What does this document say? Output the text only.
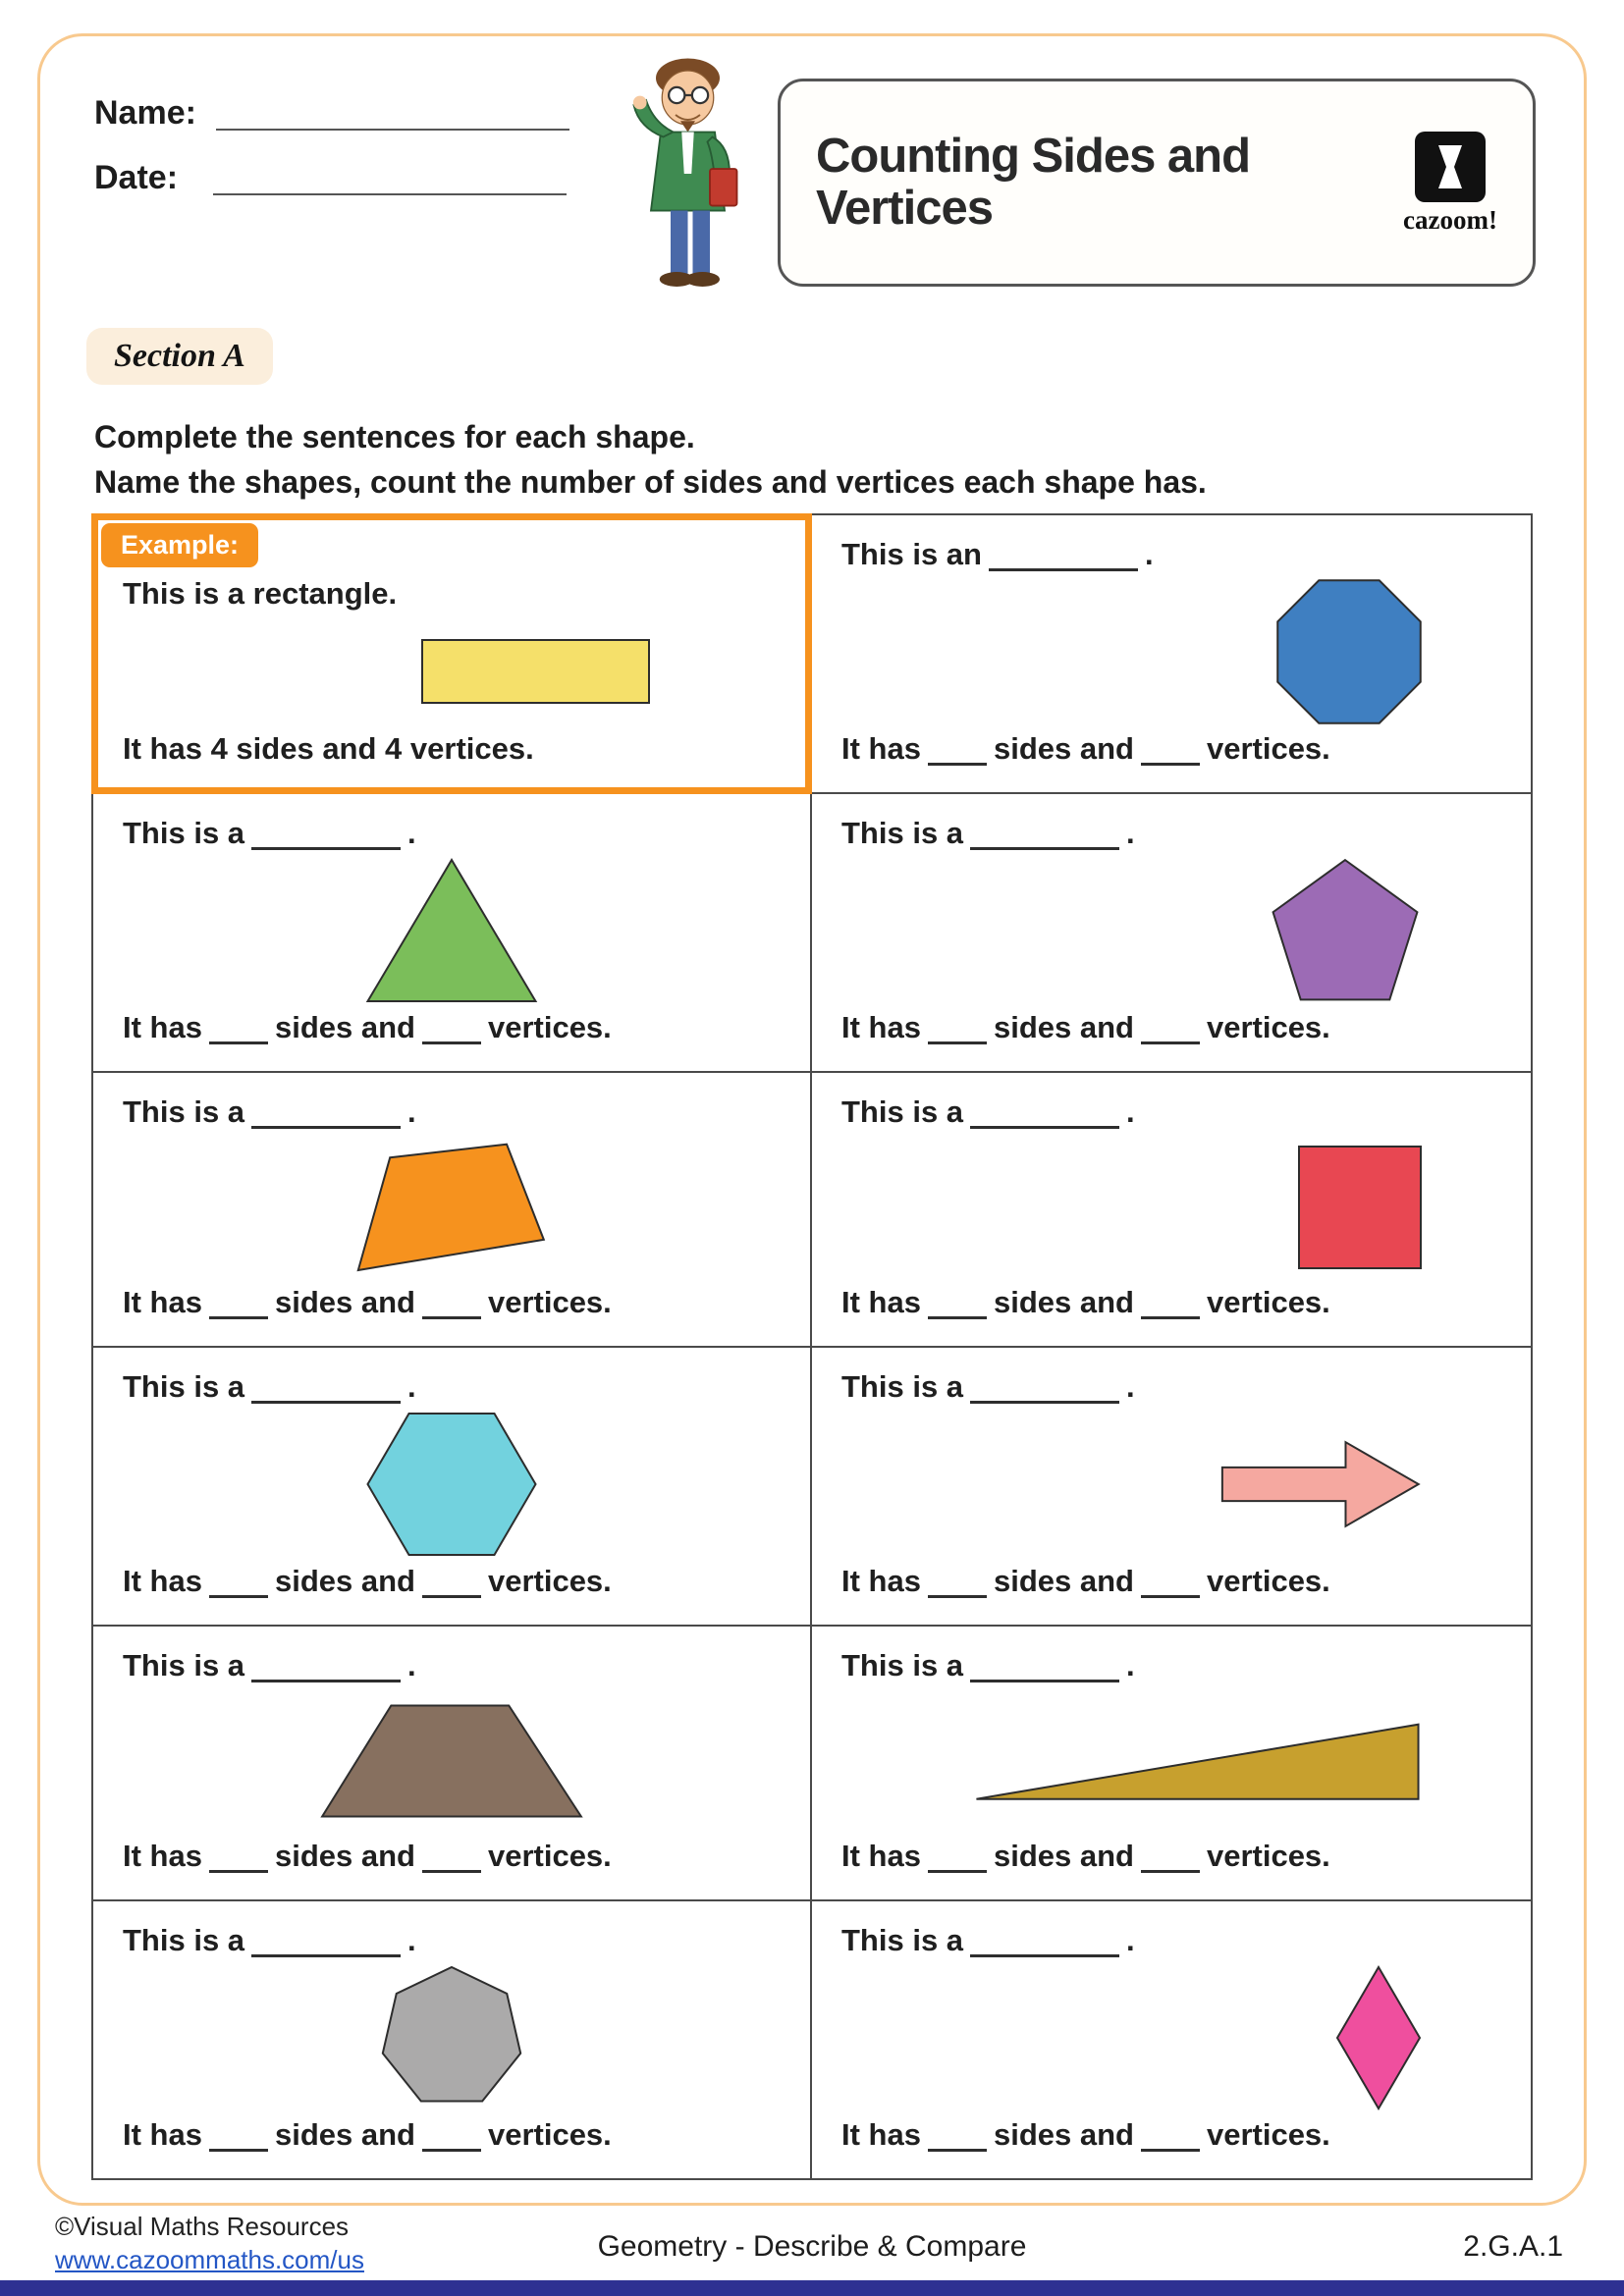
Name:
Date:	Counting Sides and Vertices	cazoom!
Section A
Complete the sentences for each shape.
Name the shapes, count the number of sides and vertices each shape has.
Example:
This is a rectangle.
It has 4 sides and 4 vertices.
This is an	.
It has sides and vertices.
This is a	.
It has sides and vertices.
This is a	.
It has sides and vertices.
This is a	.
It has sides and vertices.
This is a	.
It has sides and vertices.
This is a	.
It has sides and vertices.
This is a	.
It has sides and vertices.
This is a	.
It has sides and vertices.
This is a	.
It has sides and vertices.
This is a	.
It has sides and vertices.
This is a	.
It has sides and vertices.
©Visual Maths Resources
www.cazoommaths.com/us	Geometry - Describe & Compare	2.G.A.1
